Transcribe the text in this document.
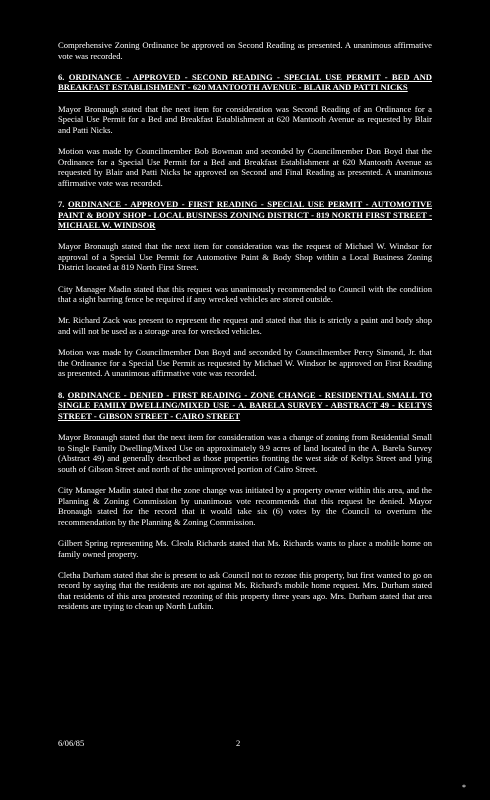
Comprehensive Zoning Ordinance be approved on Second Reading as presented. A unanimous affirmative vote was recorded.

6. ORDINANCE - APPROVED - SECOND READING - SPECIAL USE PERMIT - BED AND BREAKFAST ESTABLISHMENT - 620 MANTOOTH AVENUE - BLAIR AND PATTI NICKS

Mayor Bronaugh stated that the next item for consideration was Second Reading of an Ordinance for a Special Use Permit for a Bed and Breakfast Establishment at 620 Mantooth Avenue as requested by Blair and Patti Nicks.

Motion was made by Councilmember Bob Bowman and seconded by Councilmember Don Boyd that the Ordinance for a Special Use Permit for a Bed and Breakfast Establishment at 620 Mantooth Avenue as requested by Blair and Patti Nicks be approved on Second and Final Reading as presented. A unanimous affirmative vote was recorded.

7. ORDINANCE - APPROVED - FIRST READING - SPECIAL USE PERMIT - AUTOMOTIVE PAINT & BODY SHOP - LOCAL BUSINESS ZONING DISTRICT - 819 NORTH FIRST STREET - MICHAEL W. WINDSOR

Mayor Bronaugh stated that the next item for consideration was the request of Michael W. Windsor for approval of a Special Use Permit for Automotive Paint & Body Shop within a Local Business Zoning District located at 819 North First Street.

City Manager Madin stated that this request was unanimously recommended to Council with the condition that a sight barring fence be required if any wrecked vehicles are stored outside.

Mr. Richard Zack was present to represent the request and stated that this is strictly a paint and body shop and will not be used as a storage area for wrecked vehicles.

Motion was made by Councilmember Don Boyd and seconded by Councilmember Percy Simond, Jr. that the Ordinance for a Special Use Permit as requested by Michael W. Windsor be approved on First Reading as presented. A unanimous affirmative vote was recorded.

8. ORDINANCE - DENIED - FIRST READING - ZONE CHANGE - RESIDENTIAL SMALL TO SINGLE FAMILY DWELLING/MIXED USE - A. BARELA SURVEY - ABSTRACT 49 - KELTYS STREET - GIBSON STREET - CAIRO STREET

Mayor Bronaugh stated that the next item for consideration was a change of zoning from Residential Small to Single Family Dwelling/Mixed Use on approximately 9.9 acres of land located in the A. Barela Survey (Abstract 49) and generally described as those properties fronting the west side of Keltys Street and lying south of Gibson Street and north of the unimproved portion of Cairo Street.

City Manager Madin stated that the zone change was initiated by a property owner within this area, and the Planning & Zoning Commission by unanimous vote recommends that this request be denied. Mayor Bronaugh stated for the record that it would take six (6) votes by the Council to overturn the recommendation by the Planning & Zoning Commission.

Gilbert Spring representing Ms. Cleola Richards stated that Ms. Richards wants to place a mobile home on family owned property.

Cletha Durham stated that she is present to ask Council not to rezone this property, but first wanted to go on record by saying that the residents are not against Ms. Richard's mobile home request. Mrs. Durham stated that residents of this area protested rezoning of this property three years ago. Mrs. Durham stated that area residents are trying to clean up North Lufkin.

6/06/85	2
*
